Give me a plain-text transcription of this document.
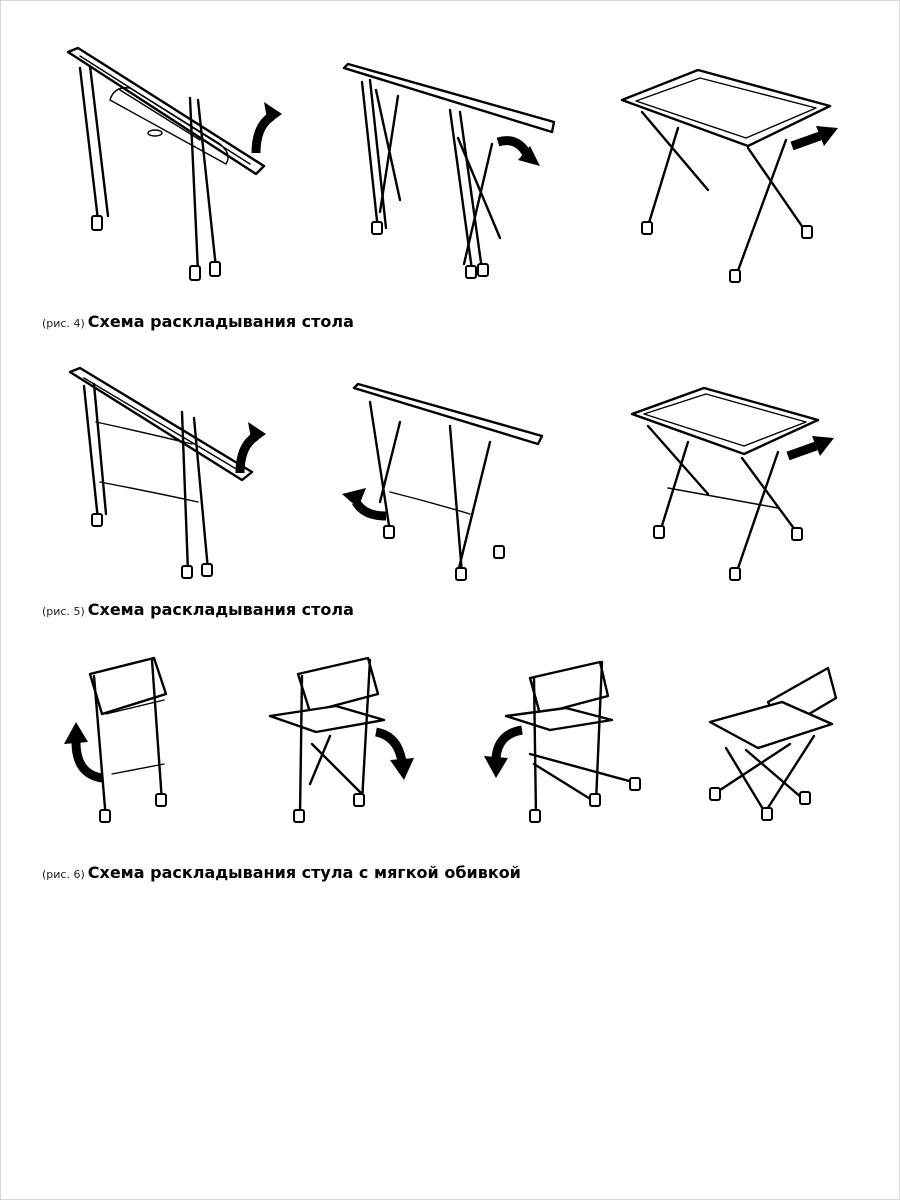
(рис. 4) Схема раскладывания стола
(рис. 5) Схема раскладывания стола
(рис. 6) Схема раскладывания стула с мягкой обивкой
